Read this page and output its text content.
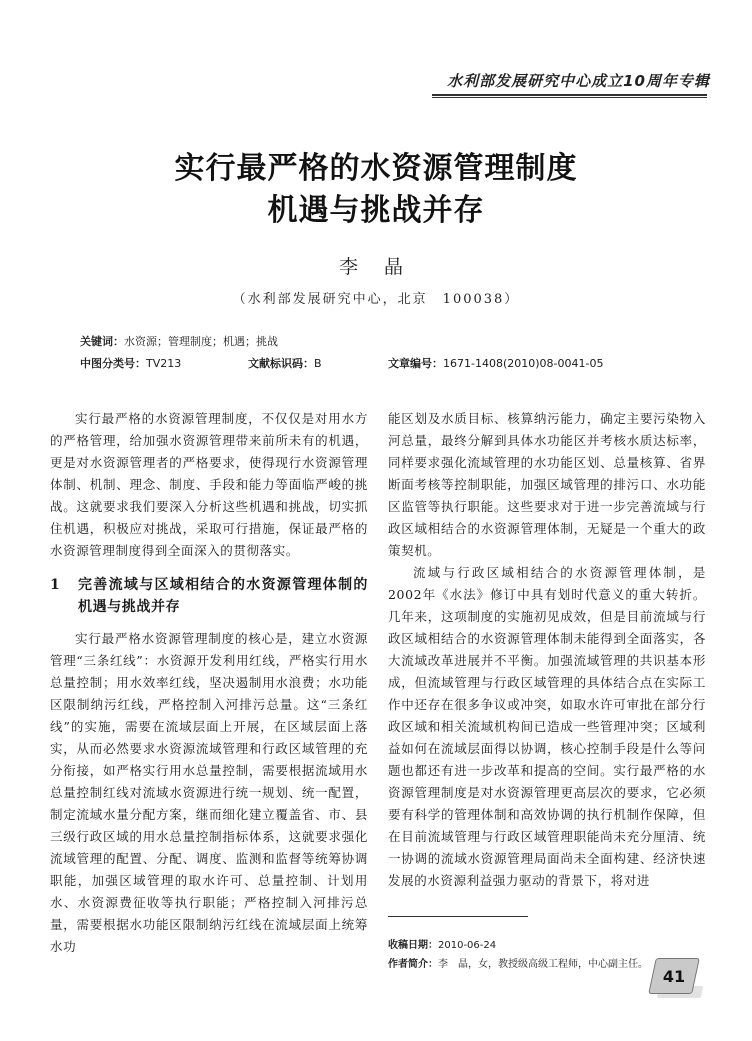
水利部发展研究中心成立10周年专辑
实行最严格的水资源管理制度
机遇与挑战并存
李 晶
（水利部发展研究中心，北京　100038）
关键词：水资源；管理制度；机遇；挑战
中图分类号：TV213	文献标识码：B	文章编号：1671-1408(2010)08-0041-05

实行最严格的水资源管理制度，不仅仅是对用水方的严格管理，给加强水资源管理带来前所未有的机遇，更是对水资源管理者的严格要求，使得现行水资源管理体制、机制、理念、制度、手段和能力等面临严峻的挑战。这就要求我们要深入分析这些机遇和挑战，切实抓住机遇，积极应对挑战，采取可行措施，保证最严格的水资源管理制度得到全面深入的贯彻落实。

1	完善流域与区域相结合的水资源管理体制的机遇与挑战并存

实行最严格水资源管理制度的核心是，建立水资源管理“三条红线”：水资源开发利用红线，严格实行用水总量控制；用水效率红线，坚决遏制用水浪费；水功能区限制纳污红线，严格控制入河排污总量。这“三条红线”的实施，需要在流域层面上开展，在区域层面上落实，从而必然要求水资源流域管理和行政区域管理的充分衔接，如严格实行用水总量控制，需要根据流域用水总量控制红线对流域水资源进行统一规划、统一配置，制定流域水量分配方案，继而细化建立覆盖省、市、县三级行政区域的用水总量控制指标体系，这就要求强化流域管理的配置、分配、调度、监测和监督等统筹协调职能，加强区域管理的取水许可、总量控制、计划用水、水资源费征收等执行职能；严格控制入河排污总量，需要根据水功能区限制纳污红线在流域层面上统筹水功

能区划及水质目标、核算纳污能力，确定主要污染物入河总量，最终分解到具体水功能区并考核水质达标率，同样要求强化流域管理的水功能区划、总量核算、省界断面考核等控制职能，加强区域管理的排污口、水功能区监管等执行职能。这些要求对于进一步完善流域与行政区域相结合的水资源管理体制，无疑是一个重大的政策契机。

流域与行政区域相结合的水资源管理体制，是2002年《水法》修订中具有划时代意义的重大转折。几年来，这项制度的实施初见成效，但是目前流域与行政区域相结合的水资源管理体制未能得到全面落实，各大流域改革进展并不平衡。加强流域管理的共识基本形成，但流域管理与行政区域管理的具体结合点在实际工作中还存在很多争议或冲突，如取水许可审批在部分行政区域和相关流域机构间已造成一些管理冲突；区域利益如何在流域层面得以协调，核心控制手段是什么等问题也都还有进一步改革和提高的空间。实行最严格的水资源管理制度是对水资源管理更高层次的要求，它必须要有科学的管理体制和高效协调的执行机制作保障，但在目前流域管理与行政区域管理职能尚未充分厘清、统一协调的流域水资源管理局面尚未全面构建、经济快速发展的水资源利益强力驱动的背景下，将对进

收稿日期：2010-06-24
作者简介：李　晶，女，教授级高级工程师，中心副主任。
41
